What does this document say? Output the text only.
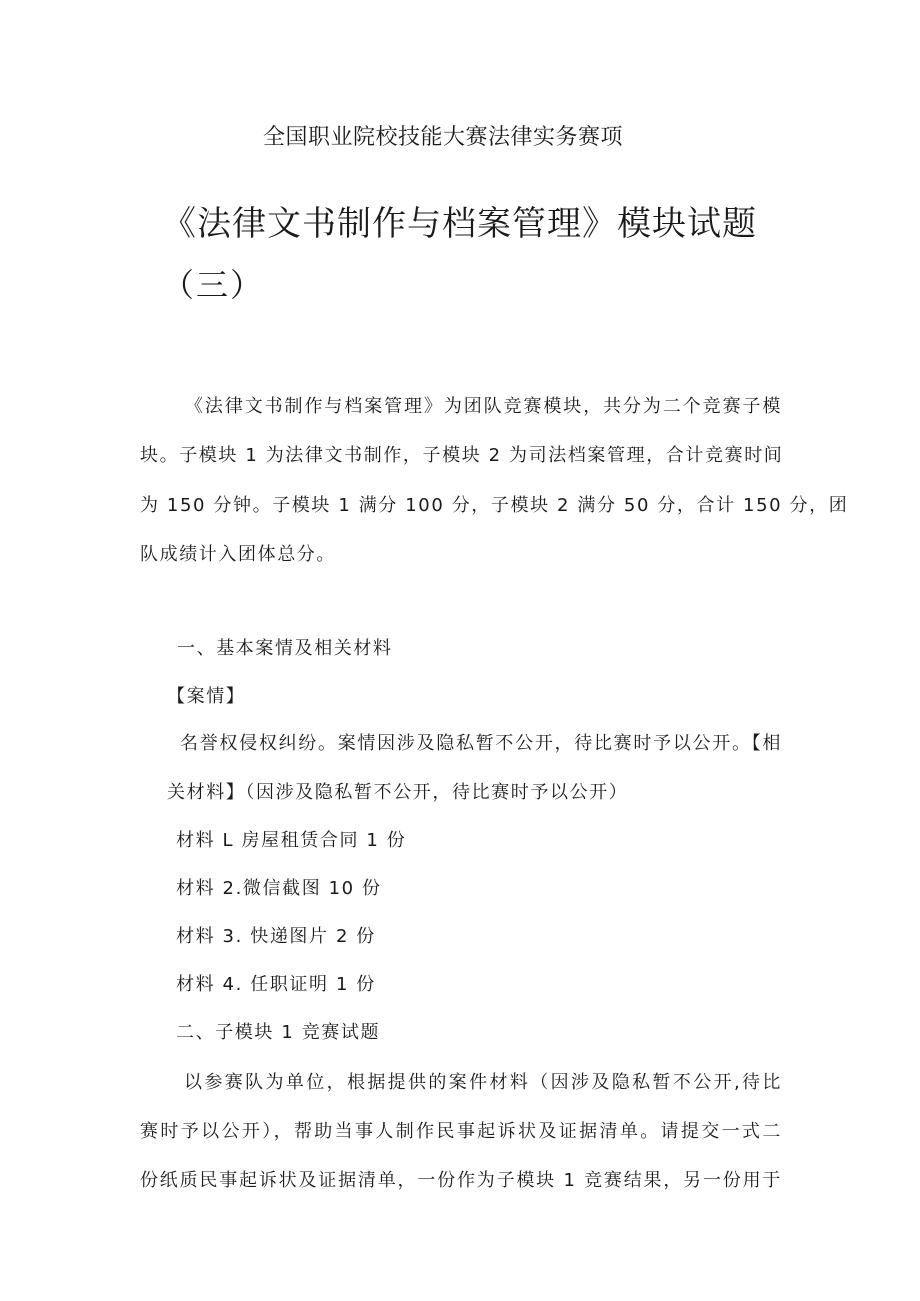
全国职业院校技能大赛法律实务赛项

《法律文书制作与档案管理》模块试题

（三）

《法律文书制作与档案管理》为团队竞赛模块，共分为二个竞赛子模

块。子模块 1 为法律文书制作，子模块 2 为司法档案管理，合计竞赛时间

为 150 分钟。子模块 1 满分 100 分，子模块 2 满分 50 分，合计 150 分，团

队成绩计入团体总分。

一、基本案情及相关材料

【案情】

名誉权侵权纠纷。案情因涉及隐私暂不公开，待比赛时予以公开。【相

关材料】（因涉及隐私暂不公开，待比赛时予以公开）

材料 L 房屋租赁合同 1 份

材料 2.微信截图 10 份

材料 3. 快递图片 2 份

材料 4. 任职证明 1 份

二、子模块 1 竞赛试题

以参赛队为单位，根据提供的案件材料（因涉及隐私暂不公开,待比

赛时予以公开），帮助当事人制作民事起诉状及证据清单。请提交一式二

份纸质民事起诉状及证据清单，一份作为子模块 1 竞赛结果，另一份用于
